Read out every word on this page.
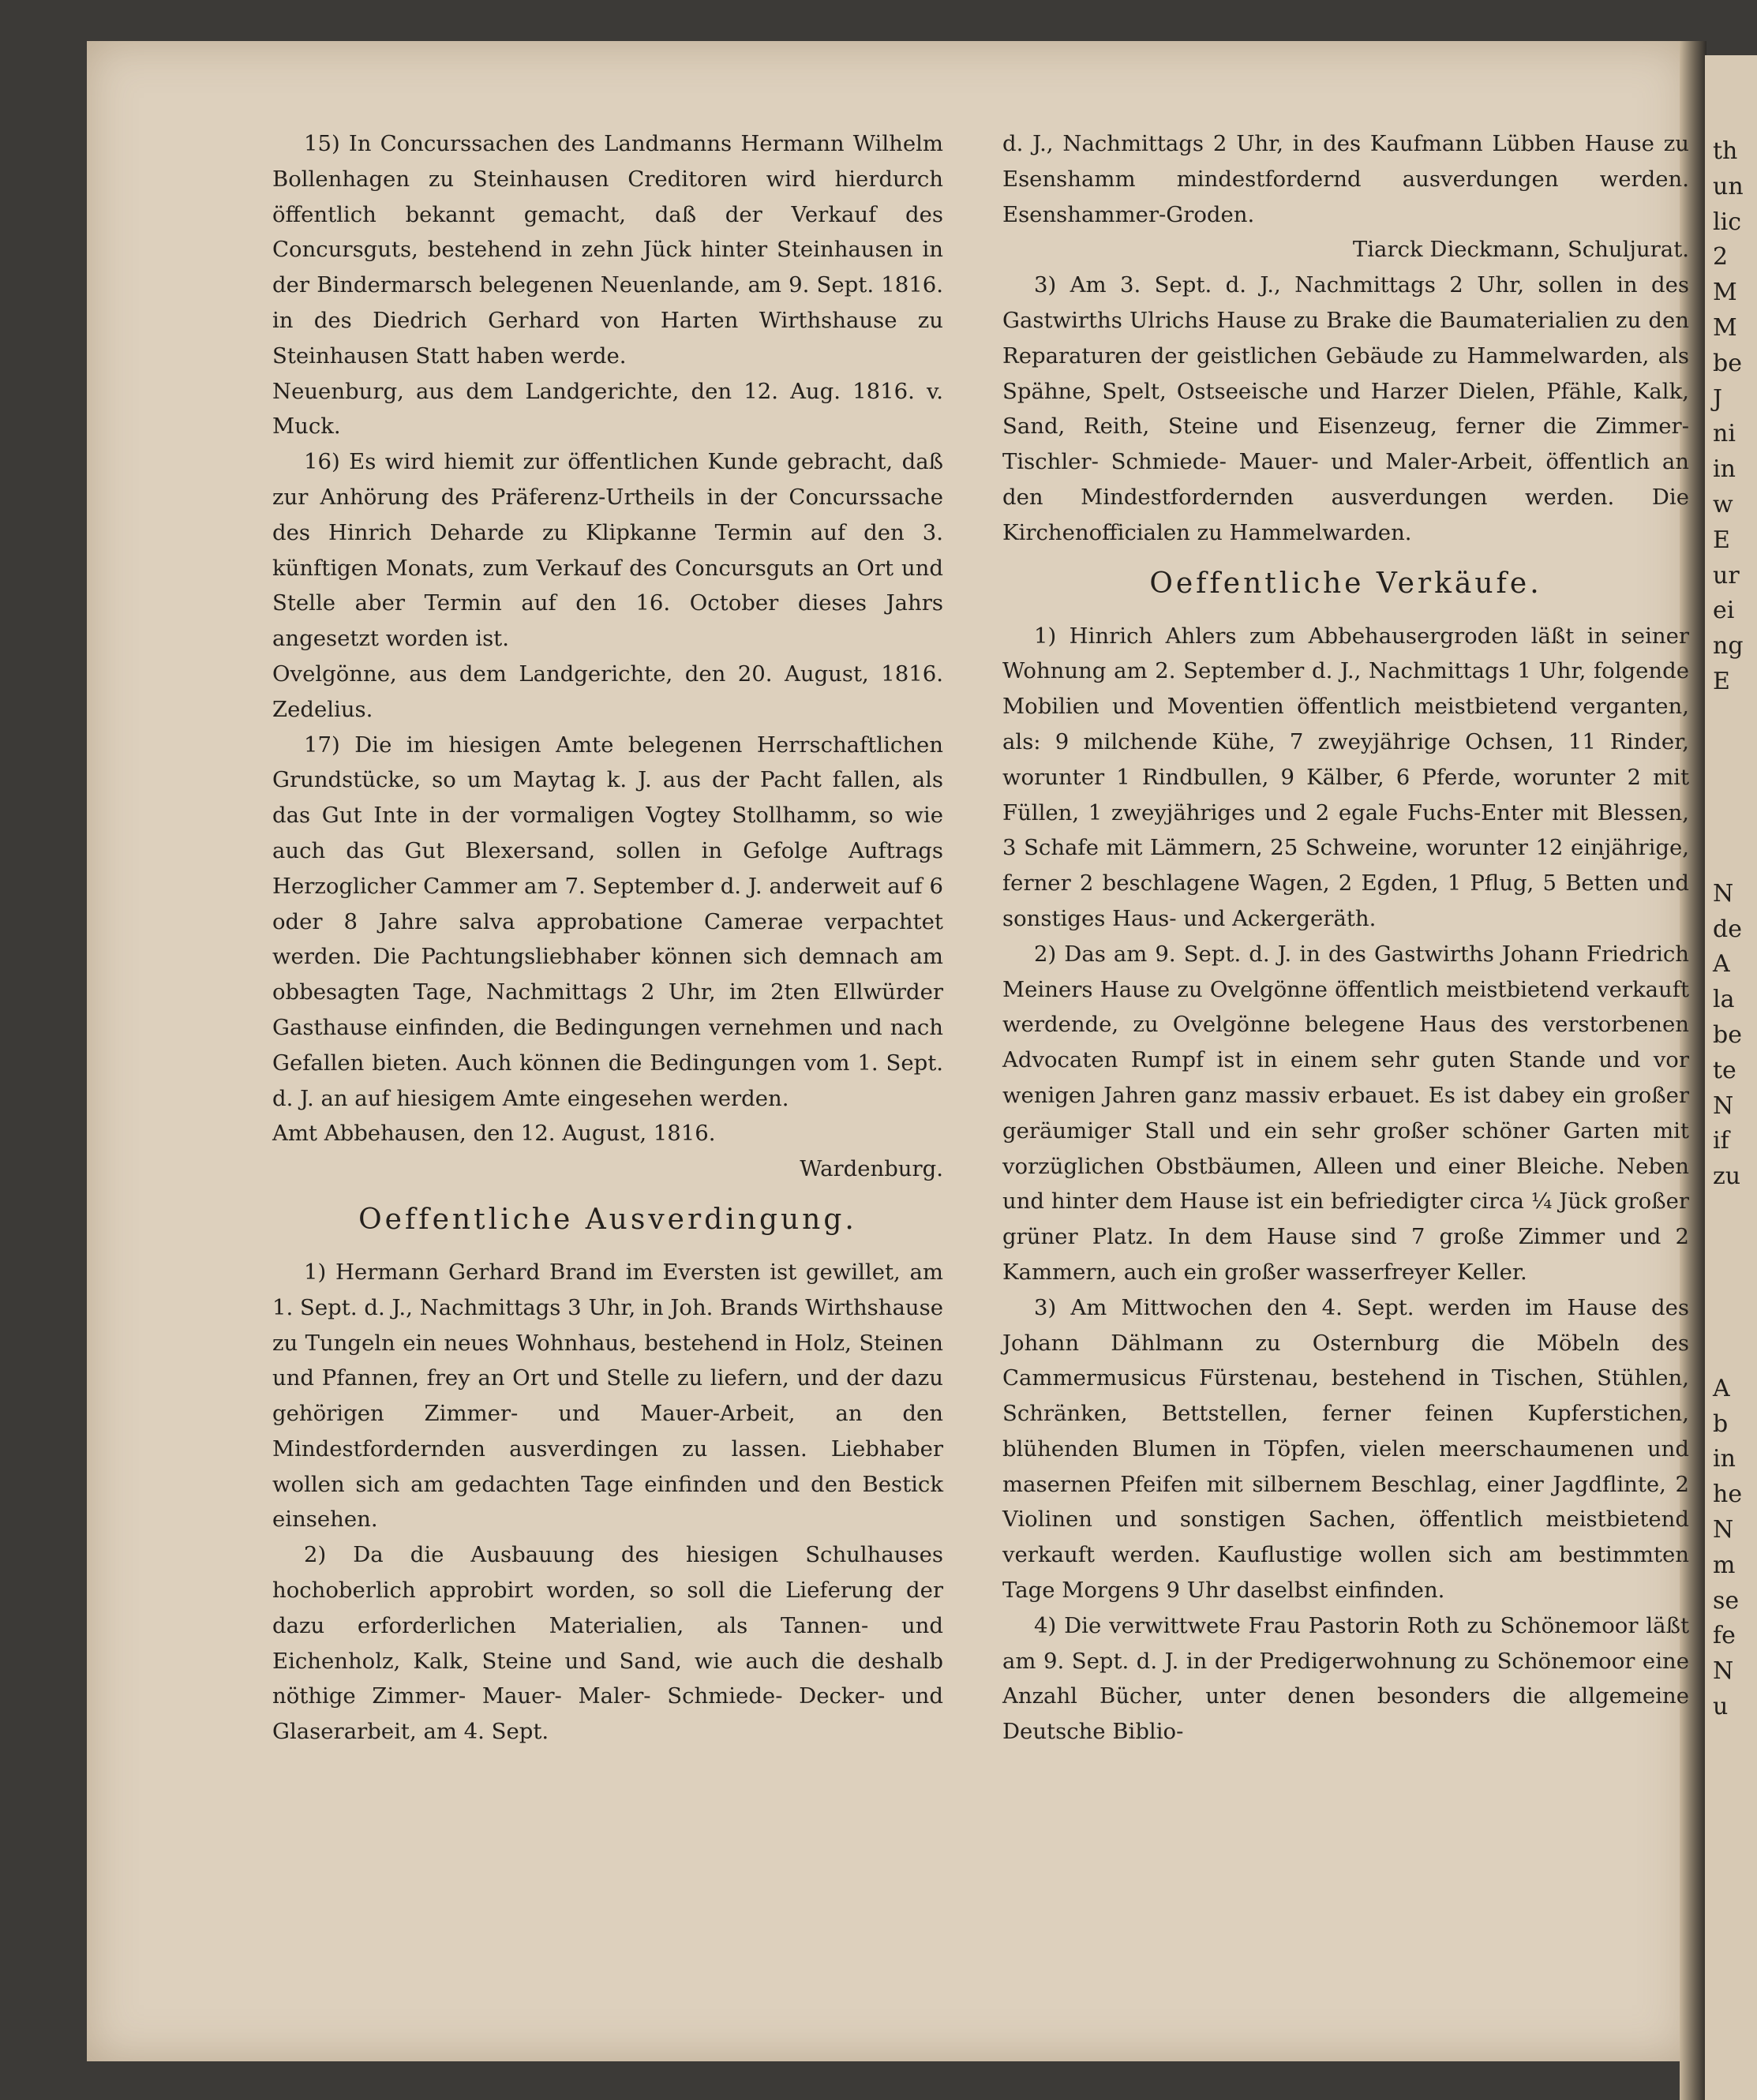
15) In Concurssachen des Landmanns Hermann Wilhelm Bollenhagen zu Steinhausen Creditoren wird hierdurch öffentlich bekannt gemacht, daß der Verkauf des Concursguts, bestehend in zehn Jück hinter Steinhausen in der Bindermarsch belegenen Neuenlande, am 9. Sept. 1816. in des Diedrich Gerhard von Harten Wirthshause zu Steinhausen Statt haben werde.

Neuenburg, aus dem Landgerichte, den 12. Aug. 1816. v. Muck.

16) Es wird hiemit zur öffentlichen Kunde gebracht, daß zur Anhörung des Präferenz-Urtheils in der Concurssache des Hinrich Deharde zu Klipkanne Termin auf den 3. künftigen Monats, zum Verkauf des Concursguts an Ort und Stelle aber Termin auf den 16. October dieses Jahrs angesetzt worden ist.

Ovelgönne, aus dem Landgerichte, den 20. August, 1816. Zedelius.

17) Die im hiesigen Amte belegenen Herrschaftlichen Grundstücke, so um Maytag k. J. aus der Pacht fallen, als das Gut Inte in der vormaligen Vogtey Stollhamm, so wie auch das Gut Blexersand, sollen in Gefolge Auftrags Herzoglicher Cammer am 7. September d. J. anderweit auf 6 oder 8 Jahre salva approbatione Camerae verpachtet werden. Die Pachtungsliebhaber können sich demnach am obbesagten Tage, Nachmittags 2 Uhr, im 2ten Ellwürder Gasthause einfinden, die Bedingungen vernehmen und nach Gefallen bieten. Auch können die Bedingungen vom 1. Sept. d. J. an auf hiesigem Amte eingesehen werden.

Amt Abbehausen, den 12. August, 1816.

Wardenburg.

Oeffentliche Ausverdingung.

1) Hermann Gerhard Brand im Eversten ist gewillet, am 1. Sept. d. J., Nachmittags 3 Uhr, in Joh. Brands Wirthshause zu Tungeln ein neues Wohnhaus, bestehend in Holz, Steinen und Pfannen, frey an Ort und Stelle zu liefern, und der dazu gehörigen Zimmer- und Mauer-Arbeit, an den Mindestfordernden ausverdingen zu lassen. Liebhaber wollen sich am gedachten Tage einfinden und den Bestick einsehen.

2) Da die Ausbauung des hiesigen Schulhauses hochoberlich approbirt worden, so soll die Lieferung der dazu erforderlichen Materialien, als Tannen- und Eichenholz, Kalk, Steine und Sand, wie auch die deshalb nöthige Zimmer- Mauer- Maler- Schmiede- Decker- und Glaserarbeit, am 4. Sept.

d. J., Nachmittags 2 Uhr, in des Kaufmann Lübben Hause zu Esenshamm mindestfordernd ausverdungen werden. Esenshammer-Groden.

Tiarck Dieckmann, Schuljurat.

3) Am 3. Sept. d. J., Nachmittags 2 Uhr, sollen in des Gastwirths Ulrichs Hause zu Brake die Baumaterialien zu den Reparaturen der geistlichen Gebäude zu Hammelwarden, als Spähne, Spelt, Ostseeische und Harzer Dielen, Pfähle, Kalk, Sand, Reith, Steine und Eisenzeug, ferner die Zimmer- Tischler- Schmiede- Mauer- und Maler-Arbeit, öffentlich an den Mindestfordernden ausverdungen werden. Die Kirchenofficialen zu Hammelwarden.

Oeffentliche Verkäufe.

1) Hinrich Ahlers zum Abbehausergroden läßt in seiner Wohnung am 2. September d. J., Nachmittags 1 Uhr, folgende Mobilien und Moventien öffentlich meistbietend verganten, als: 9 milchende Kühe, 7 zweyjährige Ochsen, 11 Rinder, worunter 1 Rindbullen, 9 Kälber, 6 Pferde, worunter 2 mit Füllen, 1 zweyjähriges und 2 egale Fuchs-Enter mit Blessen, 3 Schafe mit Lämmern, 25 Schweine, worunter 12 einjährige, ferner 2 beschlagene Wagen, 2 Egden, 1 Pflug, 5 Betten und sonstiges Haus- und Ackergeräth.

2) Das am 9. Sept. d. J. in des Gastwirths Johann Friedrich Meiners Hause zu Ovelgönne öffentlich meistbietend verkauft werdende, zu Ovelgönne belegene Haus des verstorbenen Advocaten Rumpf ist in einem sehr guten Stande und vor wenigen Jahren ganz massiv erbauet. Es ist dabey ein großer geräumiger Stall und ein sehr großer schöner Garten mit vorzüglichen Obstbäumen, Alleen und einer Bleiche. Neben und hinter dem Hause ist ein befriedigter circa ¼ Jück großer grüner Platz. In dem Hause sind 7 große Zimmer und 2 Kammern, auch ein großer wasserfreyer Keller.

3) Am Mittwochen den 4. Sept. werden im Hause des Johann Dählmann zu Osternburg die Möbeln des Cammermusicus Fürstenau, bestehend in Tischen, Stühlen, Schränken, Bettstellen, ferner feinen Kupferstichen, blühenden Blumen in Töpfen, vielen meerschaumenen und masernen Pfeifen mit silbernem Beschlag, einer Jagdflinte, 2 Violinen und sonstigen Sachen, öffentlich meistbietend verkauft werden. Kauflustige wollen sich am bestimmten Tage Morgens 9 Uhr daselbst einfinden.

4) Die verwittwete Frau Pastorin Roth zu Schönemoor läßt am 9. Sept. d. J. in der Predigerwohnung zu Schönemoor eine Anzahl Bücher, unter denen besonders die allgemeine Deutsche Biblio-

th
un
lic
2
M
M
be
J
ni
in
w
E
ur
ei
ng
E

N
de
A
la
be
te
N
if
zu

A
b
in
he
N
m
se
fe
N
u
